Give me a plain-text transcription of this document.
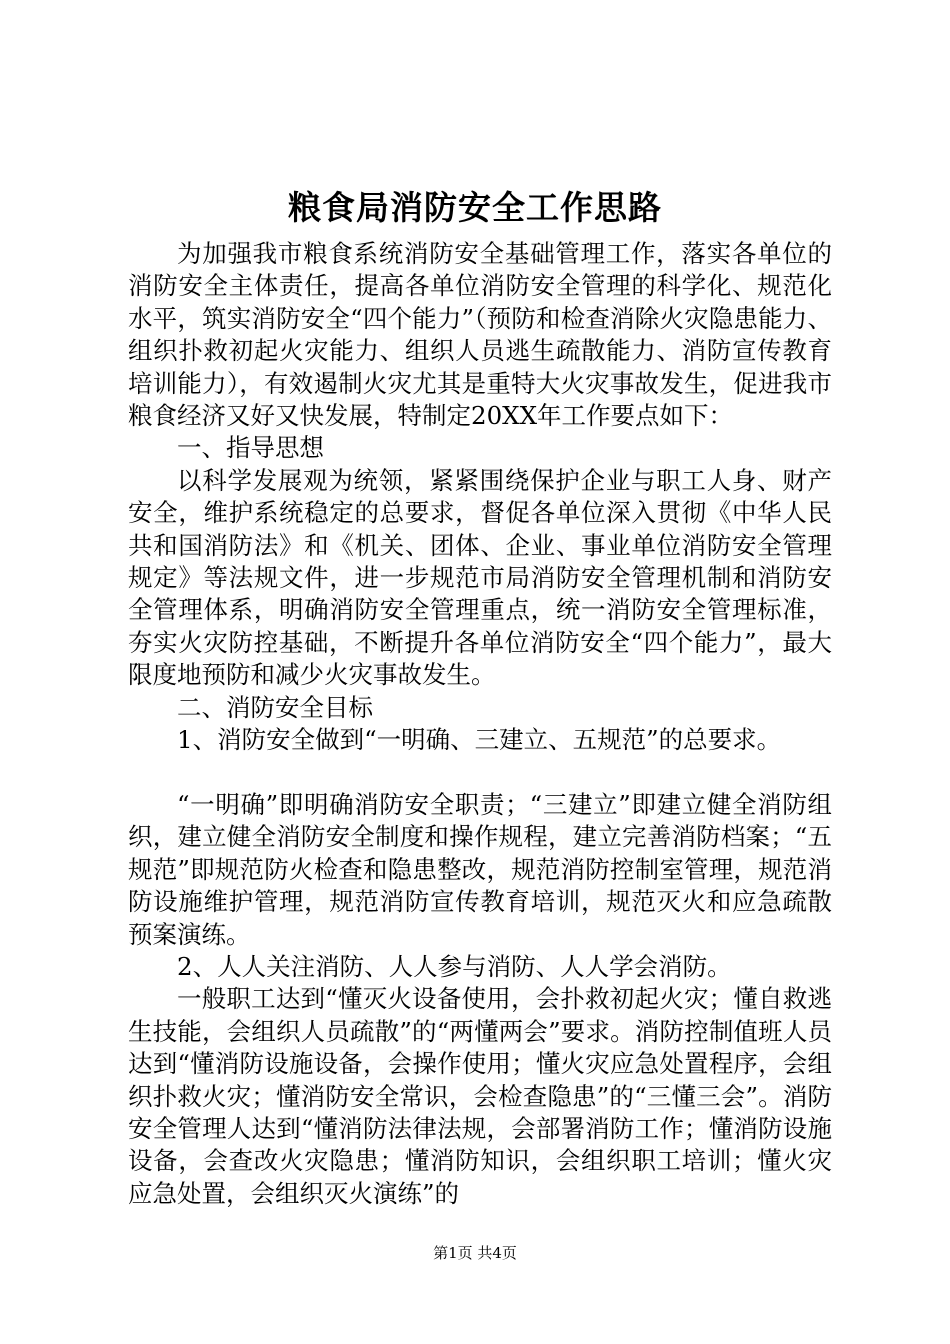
粮食局消防安全工作思路

为加强我市粮食系统消防安全基础管理工作，落实各单位的消防安全主体责任，提高各单位消防安全管理的科学化、规范化水平，筑实消防安全“四个能力”（预防和检查消除火灾隐患能力、组织扑救初起火灾能力、组织人员逃生疏散能力、消防宣传教育培训能力），有效遏制火灾尤其是重特大火灾事故发生，促进我市粮食经济又好又快发展，特制定20XX年工作要点如下：

一、指导思想

以科学发展观为统领，紧紧围绕保护企业与职工人身、财产安全，维护系统稳定的总要求，督促各单位深入贯彻《中华人民共和国消防法》和《机关、团体、企业、事业单位消防安全管理规定》等法规文件，进一步规范市局消防安全管理机制和消防安全管理体系，明确消防安全管理重点，统一消防安全管理标准，夯实火灾防控基础，不断提升各单位消防安全“四个能力”，最大限度地预防和减少火灾事故发生。

二、消防安全目标

1、消防安全做到“一明确、三建立、五规范”的总要求。

“一明确”即明确消防安全职责；“三建立”即建立健全消防组织，建立健全消防安全制度和操作规程，建立完善消防档案；“五规范”即规范防火检查和隐患整改，规范消防控制室管理，规范消防设施维护管理，规范消防宣传教育培训，规范灭火和应急疏散预案演练。

2、人人关注消防、人人参与消防、人人学会消防。

一般职工达到“懂灭火设备使用，会扑救初起火灾；懂自救逃生技能，会组织人员疏散”的“两懂两会”要求。消防控制值班人员达到“懂消防设施设备，会操作使用；懂火灾应急处置程序，会组织扑救火灾；懂消防安全常识，会检查隐患”的“三懂三会”。消防安全管理人达到“懂消防法律法规，会部署消防工作；懂消防设施设备，会查改火灾隐患；懂消防知识，会组织职工培训；懂火灾应急处置，会组织灭火演练”的

第1页 共4页
